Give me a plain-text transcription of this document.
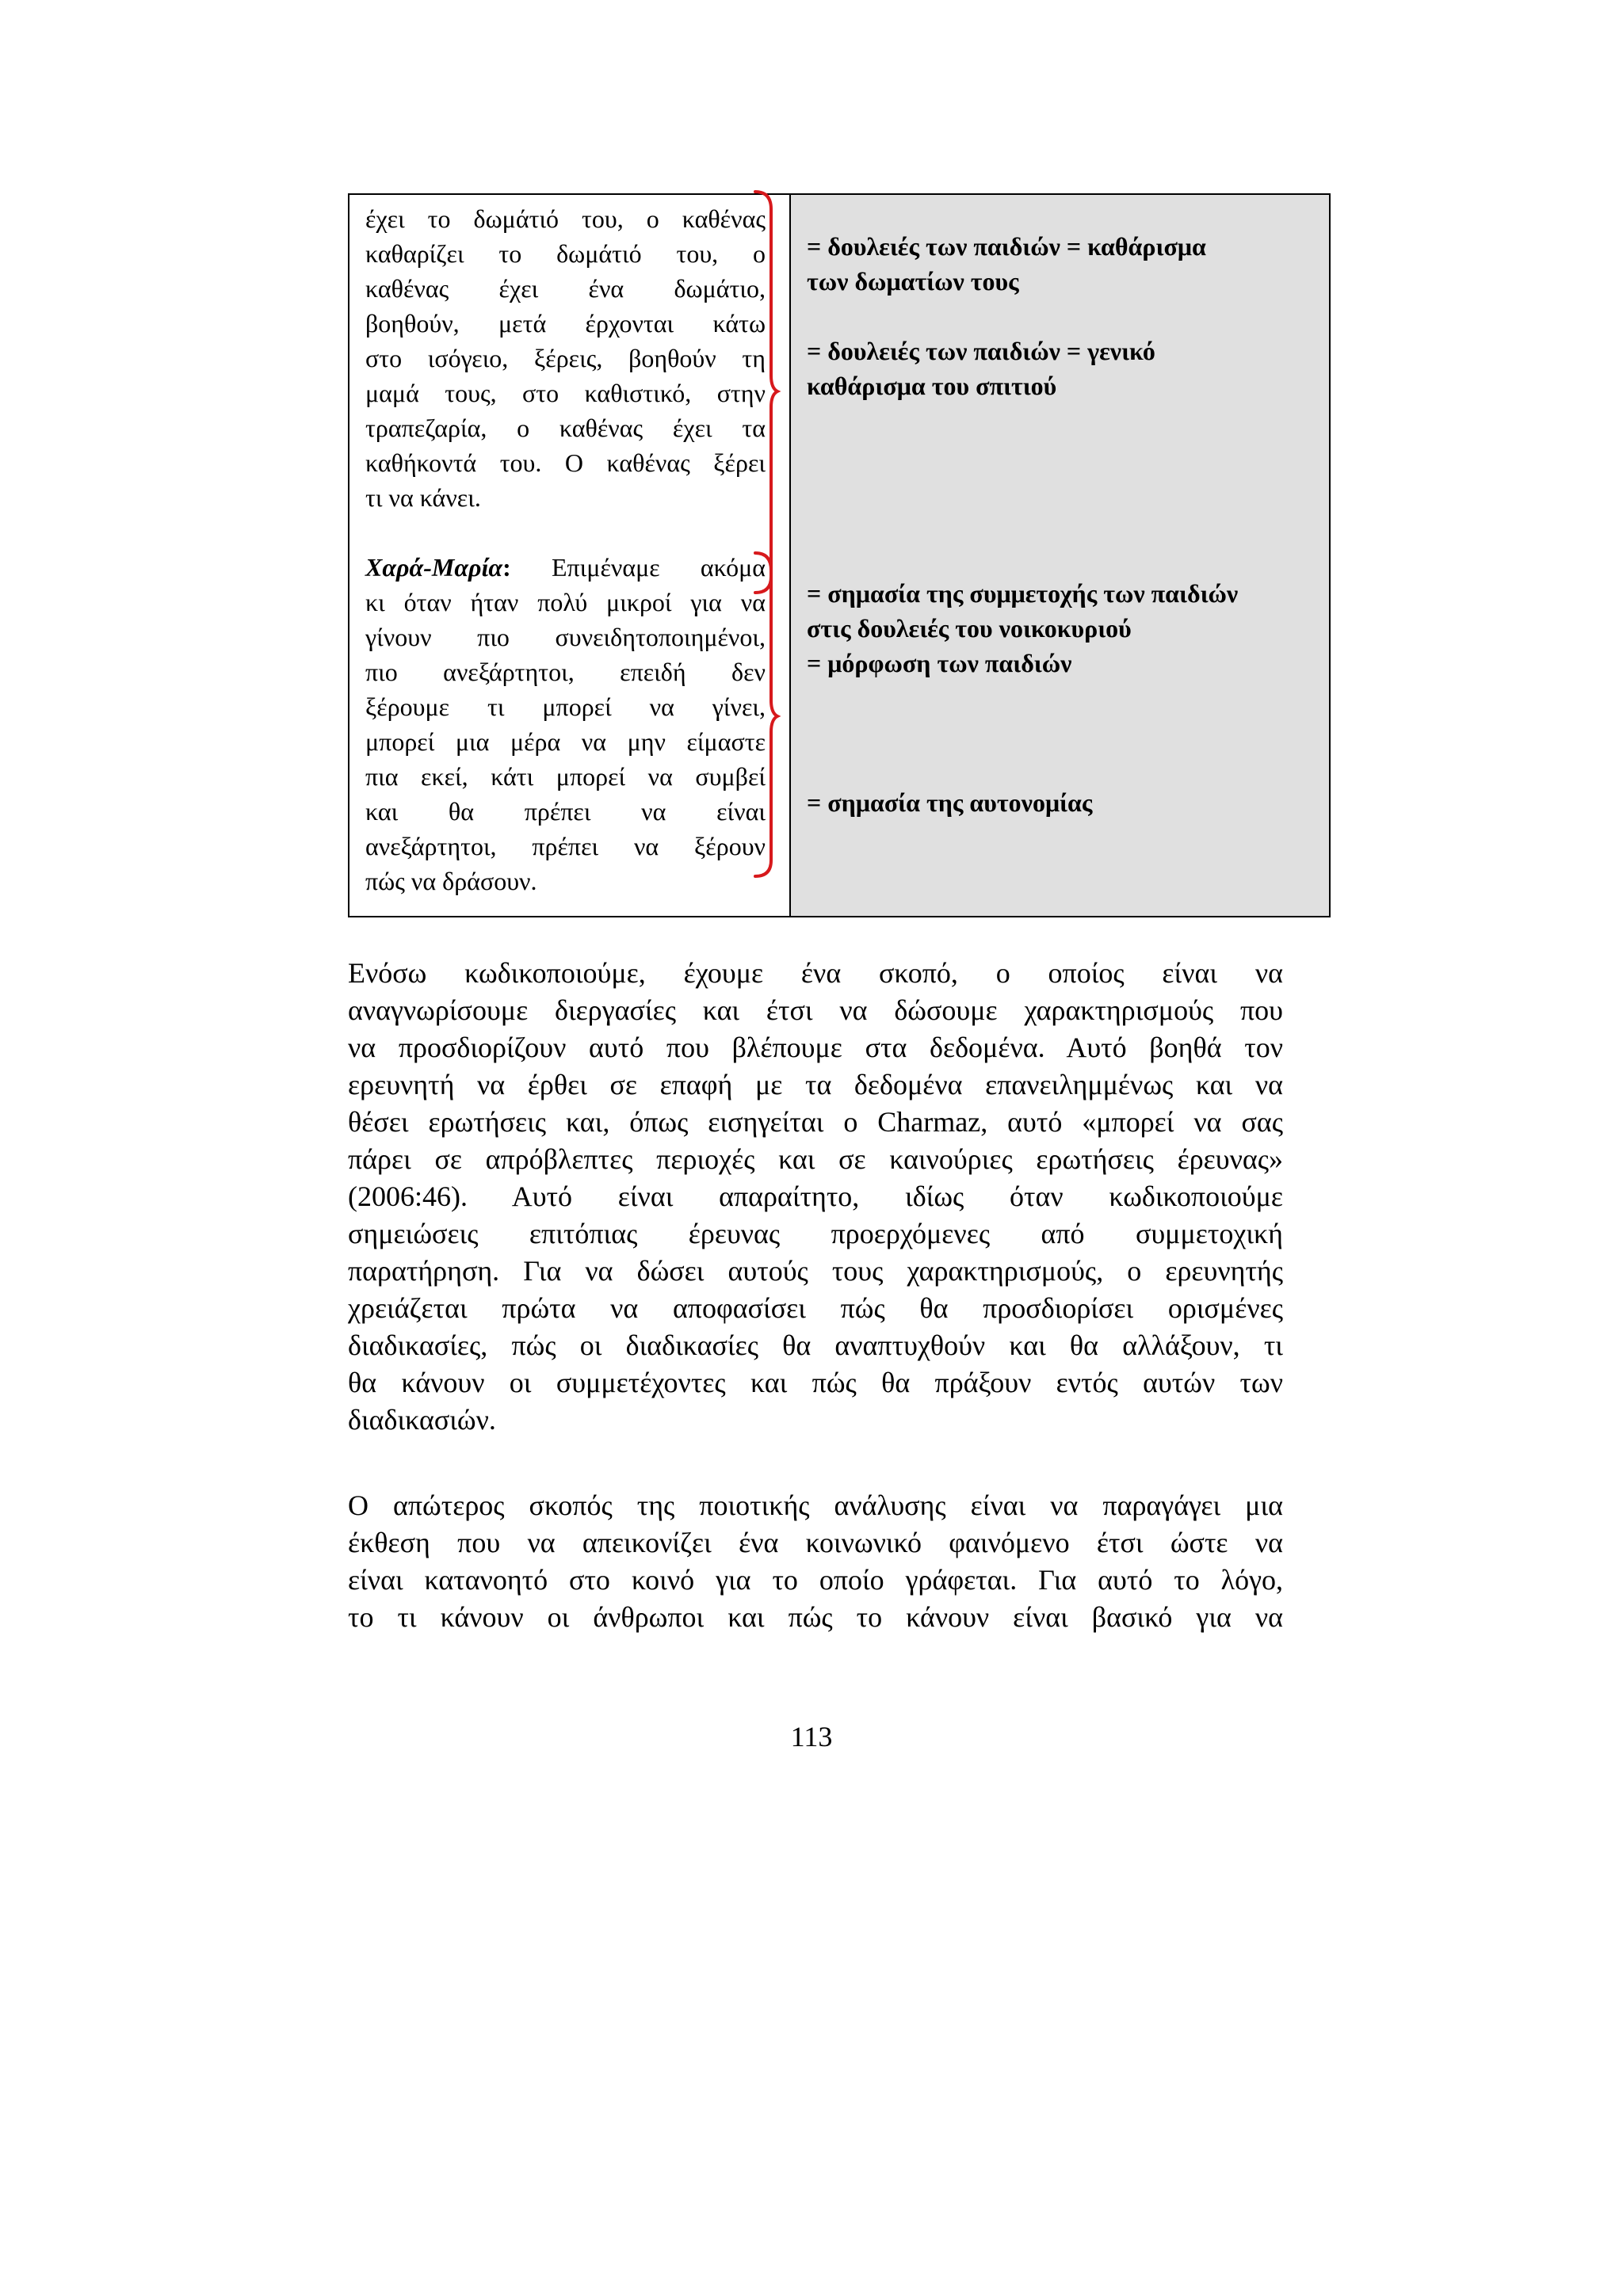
έχει το δωμάτιό του, ο καθένας

καθαρίζει το δωμάτιό του, ο

καθένας έχει ένα δωμάτιο,

βοηθούν, μετά έρχονται κάτω

στο ισόγειο, ξέρεις, βοηθούν τη

μαμά τους, στο καθιστικό, στην

τραπεζαρία, ο καθένας έχει τα

καθήκοντά του. Ο καθένας ξέρει

τι να κάνει.

Χαρά-Μαρία: Επιμέναμε ακόμα

κι όταν ήταν πολύ μικροί για να

γίνουν πιο συνειδητοποιημένοι,

πιο ανεξάρτητοι, επειδή δεν

ξέρουμε τι μπορεί να γίνει,

μπορεί μια μέρα να μην είμαστε

πια εκεί, κάτι μπορεί να συμβεί

και θα πρέπει να είναι

ανεξάρτητοι, πρέπει να ξέρουν

πώς να δράσουν.

= δουλειές των παιδιών = καθάρισμα
των δωματίων τους
= δουλειές των παιδιών = γενικό
καθάρισμα του σπιτιού
= σημασία της συμμετοχής των παιδιών
στις δουλειές του νοικοκυριού
= μόρφωση των παιδιών
= σημασία της αυτονομίας
Ενόσω κωδικοποιούμε, έχουμε ένα σκοπό, ο οποίος είναι να
αναγνωρίσουμε διεργασίες και έτσι να δώσουμε χαρακτηρισμούς που
να προσδιορίζουν αυτό που βλέπουμε στα δεδομένα. Αυτό βοηθά τον
ερευνητή να έρθει σε επαφή με τα δεδομένα επανειλημμένως και να
θέσει ερωτήσεις και, όπως εισηγείται ο Charmaz, αυτό «μπορεί να σας
πάρει σε απρόβλεπτες περιοχές και σε καινούριες ερωτήσεις έρευνας»
(2006:46). Αυτό είναι απαραίτητο, ιδίως όταν κωδικοποιούμε
σημειώσεις επιτόπιας έρευνας προερχόμενες από συμμετοχική
παρατήρηση. Για να δώσει αυτούς τους χαρακτηρισμούς, ο ερευνητής
χρειάζεται πρώτα να αποφασίσει πώς θα προσδιορίσει ορισμένες
διαδικασίες, πώς οι διαδικασίες θα αναπτυχθούν και θα αλλάξουν, τι
θα κάνουν οι συμμετέχοντες και πώς θα πράξουν εντός αυτών των
διαδικασιών.
Ο απώτερος σκοπός της ποιοτικής ανάλυσης είναι να παραγάγει μια
έκθεση που να απεικονίζει ένα κοινωνικό φαινόμενο έτσι ώστε να
είναι κατανοητό στο κοινό για το οποίο γράφεται. Για αυτό το λόγο,
το τι κάνουν οι άνθρωποι και πώς το κάνουν είναι βασικό για να
113
